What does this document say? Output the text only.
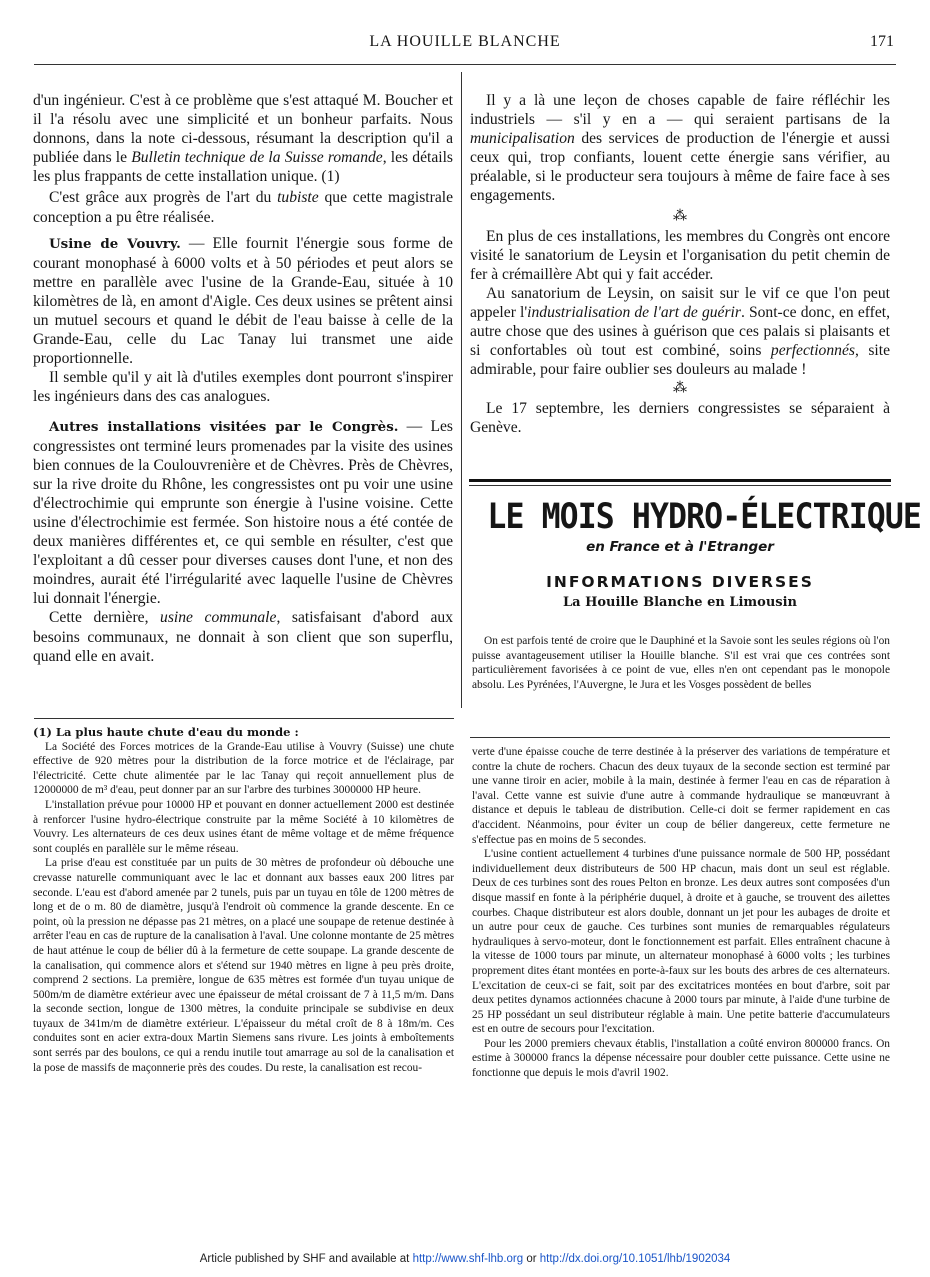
LA HOUILLE BLANCHE	171

d'un ingénieur. C'est à ce problème que s'est attaqué M. Boucher et il l'a résolu avec une simplicité et un bonheur parfaits. Nous donnons, dans la note ci-dessous, résumant la description qu'il a publiée dans le Bulletin technique de la Suisse romande, les détails les plus frappants de cette installation unique. (1)

C'est grâce aux progrès de l'art du tubiste que cette magistrale conception a pu être réalisée.

Usine de Vouvry. — Elle fournit l'énergie sous forme de courant monophasé à 6000 volts et à 50 périodes et peut alors se mettre en parallèle avec l'usine de la Grande-Eau, située à 10 kilomètres de là, en amont d'Aigle. Ces deux usines se prêtent ainsi un mutuel secours et quand le débit de l'eau baisse à celle de la Grande-Eau, celle du Lac Tanay lui transmet une aide proportionnelle.

Il semble qu'il y ait là d'utiles exemples dont pourront s'inspirer les ingénieurs dans des cas analogues.

Autres installations visitées par le Congrès. — Les congressistes ont terminé leurs promenades par la visite des usines bien connues de la Coulouvrenière et de Chèvres. Près de Chèvres, sur la rive droite du Rhône, les congressistes ont pu voir une usine d'électrochimie qui emprunte son énergie à l'usine voisine. Cette usine d'électrochimie est fermée. Son histoire nous a été contée de deux manières différentes et, ce qui semble en résulter, c'est que l'exploitant a dû cesser pour diverses causes dont l'une, et non des moindres, aurait été l'irrégularité avec laquelle l'usine de Chèvres lui donnait l'énergie.

Cette dernière, usine communale, satisfaisant d'abord aux besoins communaux, ne donnait à son client que son superflu, quand elle en avait.

Il y a là une leçon de choses capable de faire réfléchir les industriels — s'il y en a — qui seraient partisans de la municipalisation des services de production de l'énergie et aussi ceux qui, trop confiants, louent cette énergie sans vérifier, au préalable, si le producteur sera toujours à même de faire face à ses engagements.

⁂

En plus de ces installations, les membres du Congrès ont encore visité le sanatorium de Leysin et l'organisation du petit chemin de fer à crémaillère Abt qui y fait accéder.

Au sanatorium de Leysin, on saisit sur le vif ce que l'on peut appeler l'industrialisation de l'art de guérir. Sont-ce donc, en effet, autre chose que des usines à guérison que ces palais si plaisants et si confortables où tout est combiné, soins perfectionnés, site admirable, pour faire oublier ses douleurs au malade !

⁂

Le 17 septembre, les derniers congressistes se séparaient à Genève.

LE MOIS HYDRO-ÉLECTRIQUE
en France et à l'Etranger
INFORMATIONS DIVERSES
La Houille Blanche en Limousin

On est parfois tenté de croire que le Dauphiné et la Savoie sont les seules régions où l'on puisse avantageusement utiliser la Houille blanche. S'il est vrai que ces contrées sont particulièrement favorisées à ce point de vue, elles n'en ont cependant pas le monopole absolu. Les Pyrénées, l'Auvergne, le Jura et les Vosges possèdent de belles

(1) La plus haute chute d'eau du monde :

La Société des Forces motrices de la Grande-Eau utilise à Vouvry (Suisse) une chute effective de 920 mètres pour la distribution de la force motrice et de l'éclairage, par l'électricité. Cette chute alimentée par le lac Tanay qui reçoit annuellement plus de 12000000 de m³ d'eau, peut donner par an sur l'arbre des turbines 3000000 HP heure.

L'installation prévue pour 10000 HP et pouvant en donner actuellement 2000 est destinée à renforcer l'usine hydro-électrique construite par la même Société à 10 kilomètres de Vouvry. Les alternateurs de ces deux usines étant de même voltage et de même fréquence sont couplés en parallèle sur le même réseau.

La prise d'eau est constituée par un puits de 30 mètres de profondeur où débouche une crevasse naturelle communiquant avec le lac et donnant aux basses eaux 200 litres par seconde. L'eau est d'abord amenée par 2 tunels, puis par un tuyau en tôle de 1200 mètres de long et de o m. 80 de diamètre, jusqu'à l'endroit où commence la grande descente. En ce point, où la pression ne dépasse pas 21 mètres, on a placé une soupape de retenue destinée à arrêter l'eau en cas de rupture de la canalisation à l'aval. Une colonne montante de 25 mètres de haut atténue le coup de bélier dû à la fermeture de cette soupape. La grande descente de la canalisation, qui commence alors et s'étend sur 1940 mètres en ligne à peu près droite, comprend 2 sections. La première, longue de 635 mètres est formée d'un tuyau unique de 500m/m de diamètre extérieur avec une épaisseur de métal croissant de 7 à 11,5 m/m. Dans la seconde section, longue de 1300 mètres, la conduite principale se subdivise en deux tuyaux de 341m/m de diamètre extérieur. L'épaisseur du métal croît de 8 à 18m/m. Ces conduites sont en acier extra-doux Martin Siemens sans rivure. Les joints à emboîtements sont serrés par des boulons, ce qui a rendu inutile tout amarrage au sol de la canalisation et la pose de massifs de maçonnerie près des coudes. Du reste, la canalisation est recou-

verte d'une épaisse couche de terre destinée à la préserver des variations de température et contre la chute de rochers. Chacun des deux tuyaux de la seconde section est terminé par une vanne tiroir en acier, mobile à la main, destinée à fermer l'eau en cas de réparation à l'aval. Cette vanne est suivie d'une autre à commande hydraulique se manœuvrant à distance et depuis le tableau de distribution. Celle-ci doit se fermer rapidement en cas d'accident. Néanmoins, pour éviter un coup de bélier dangereux, cette fermeture ne s'effectue pas en moins de 5 secondes.

L'usine contient actuellement 4 turbines d'une puissance normale de 500 HP, possédant individuellement deux distributeurs de 500 HP chacun, mais dont un seul est réglable. Deux de ces turbines sont des roues Pelton en bronze. Les deux autres sont composées d'un disque massif en fonte à la périphérie duquel, à droite et à gauche, se trouvent des ailettes courbes. Chaque distributeur est alors double, donnant un jet pour les aubages de droite et un autre pour ceux de gauche. Ces turbines sont munies de remarquables régulateurs hydrauliques à servo-moteur, dont le fonctionnement est parfait. Elles entraînent chacune à la vitesse de 1000 tours par minute, un alternateur monophasé à 6000 volts ; les turbines proprement dites étant montées en porte-à-faux sur les bouts des arbres de ces alternateurs. L'excitation de ceux-ci se fait, soit par des excitatrices montées en bout d'arbre, soit par deux petites dynamos actionnées chacune à 2000 tours par minute, à l'aide d'une turbine de 25 HP possédant un seul distributeur réglable à main. Une petite batterie d'accumulateurs est en outre de secours pour l'excitation.

Pour les 2000 premiers chevaux établis, l'installation a coûté environ 800000 francs. On estime à 300000 francs la dépense nécessaire pour doubler cette puissance. Cette usine ne fonctionne que depuis le mois d'avril 1902.

Article published by SHF and available at http://www.shf-lhb.org or http://dx.doi.org/10.1051/lhb/1902034
